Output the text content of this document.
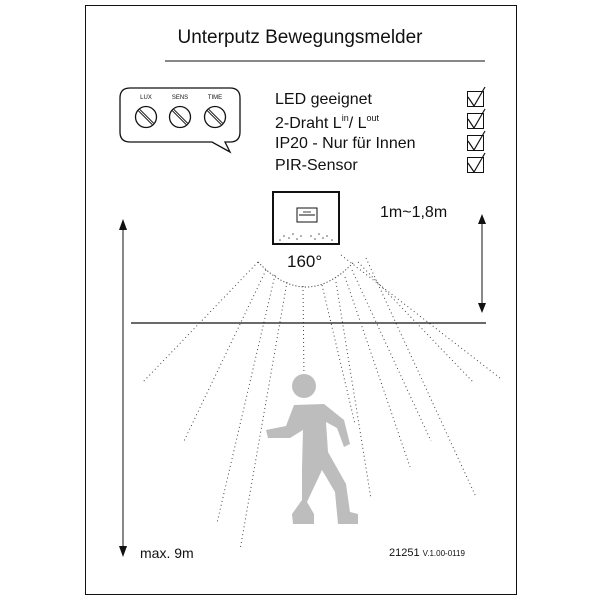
Unterputz Bewegungsmelder
LUX	SENS	TIME	LED geeignet
2-Draht $L^{in}/$ $L^{out}$
IP20 - Nur für Innen
PIR-Sensor
1m~1,8m
160°
max. 9m	21251 V.1.00-0119
